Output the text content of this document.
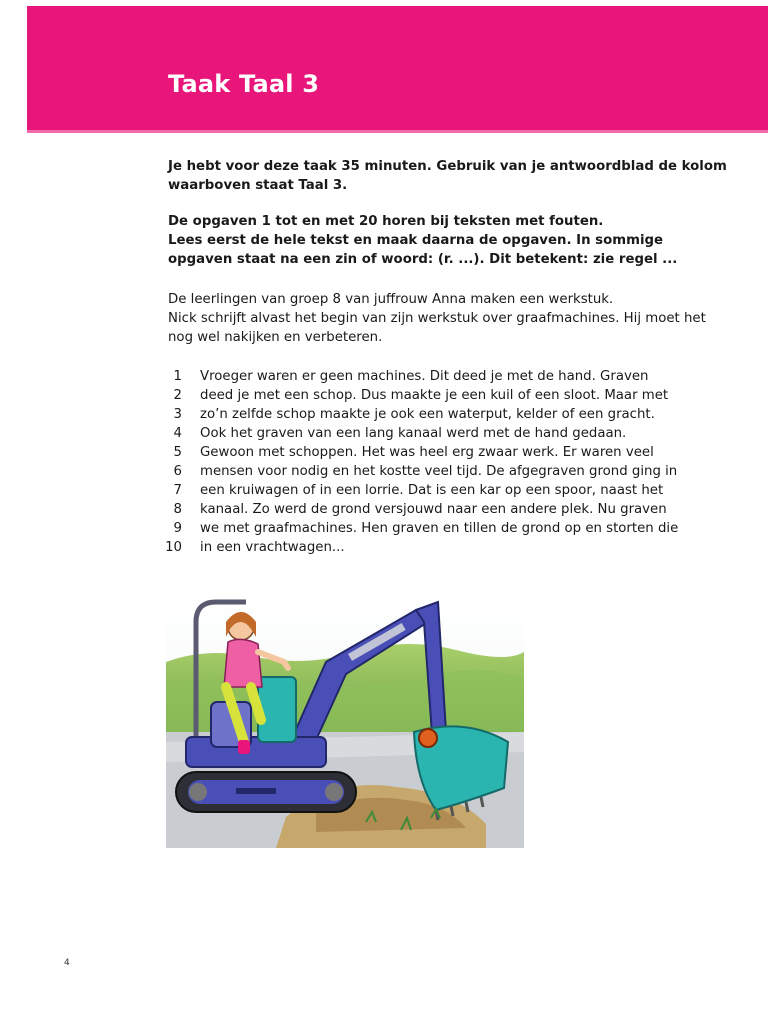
Taak Taal 3

Je hebt voor deze taak 35 minuten. Gebruik van je antwoordblad de kolom waarboven staat Taal 3.

De opgaven 1 tot en met 20 horen bij teksten met fouten.
Lees eerst de hele tekst en maak daarna de opgaven. In sommige opgaven staat na een zin of woord: (r. ...). Dit betekent: zie regel ...

De leerlingen van groep 8 van juffrouw Anna maken een werkstuk.

Nick schrijft alvast het begin van zijn werkstuk over graafmachines. Hij moet het nog wel nakijken en verbeteren.

1 Vroeger waren er geen machines. Dit deed je met de hand. Graven
2 deed je met een schop. Dus maakte je een kuil of een sloot. Maar met
3 zo’n zelfde schop maakte je ook een waterput, kelder of een gracht.
4 Ook het graven van een lang kanaal werd met de hand gedaan.
5 Gewoon met schoppen. Het was heel erg zwaar werk. Er waren veel
6 mensen voor nodig en het kostte veel tijd. De afgegraven grond ging in
7 een kruiwagen of in een lorrie. Dat is een kar op een spoor, naast het
8 kanaal. Zo werd de grond versjouwd naar een andere plek. Nu graven
9 we met graafmachines. Hen graven en tillen de grond op en storten die
10 in een vrachtwagen...
4
